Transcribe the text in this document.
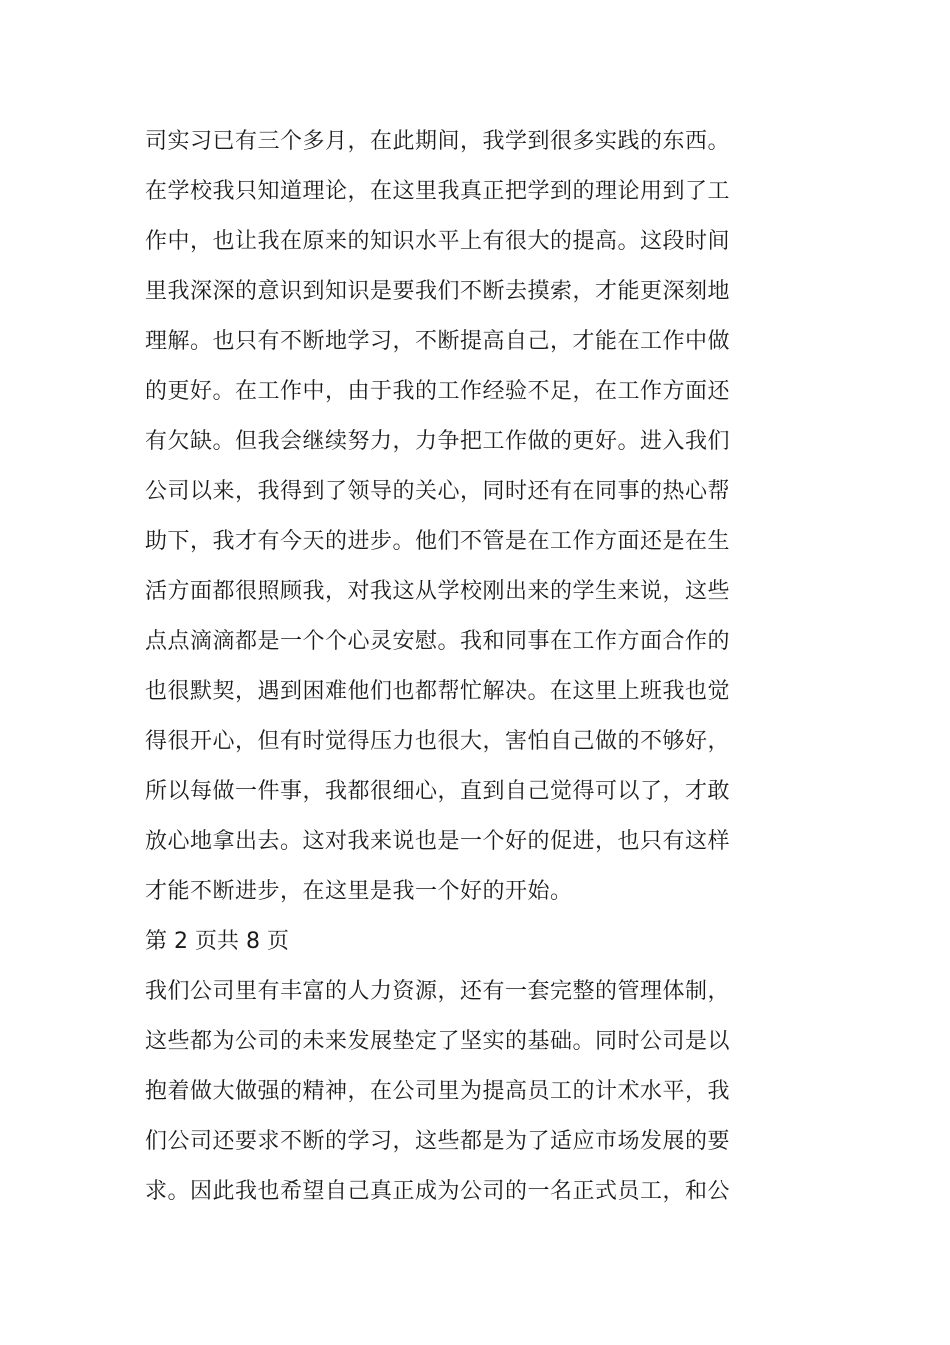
司实习已有三个多月，在此期间，我学到很多实践的东西。
在学校我只知道理论，在这里我真正把学到的理论用到了工
作中，也让我在原来的知识水平上有很大的提高。这段时间
里我深深的意识到知识是要我们不断去摸索，才能更深刻地
理解。也只有不断地学习，不断提高自己，才能在工作中做
的更好。在工作中，由于我的工作经验不足，在工作方面还
有欠缺。但我会继续努力，力争把工作做的更好。进入我们
公司以来，我得到了领导的关心，同时还有在同事的热心帮
助下，我才有今天的进步。他们不管是在工作方面还是在生
活方面都很照顾我，对我这从学校刚出来的学生来说，这些
点点滴滴都是一个个心灵安慰。我和同事在工作方面合作的
也很默契，遇到困难他们也都帮忙解决。在这里上班我也觉
得很开心，但有时觉得压力也很大，害怕自己做的不够好，
所以每做一件事，我都很细心，直到自己觉得可以了，才敢
放心地拿出去。这对我来说也是一个好的促进，也只有这样
才能不断进步，在这里是我一个好的开始。
第 2 页共 8 页
我们公司里有丰富的人力资源，还有一套完整的管理体制，
这些都为公司的未来发展垫定了坚实的基础。同时公司是以
抱着做大做强的精神，在公司里为提高员工的计术水平，我
们公司还要求不断的学习，这些都是为了适应市场发展的要
求。因此我也希望自己真正成为公司的一名正式员工，和公
